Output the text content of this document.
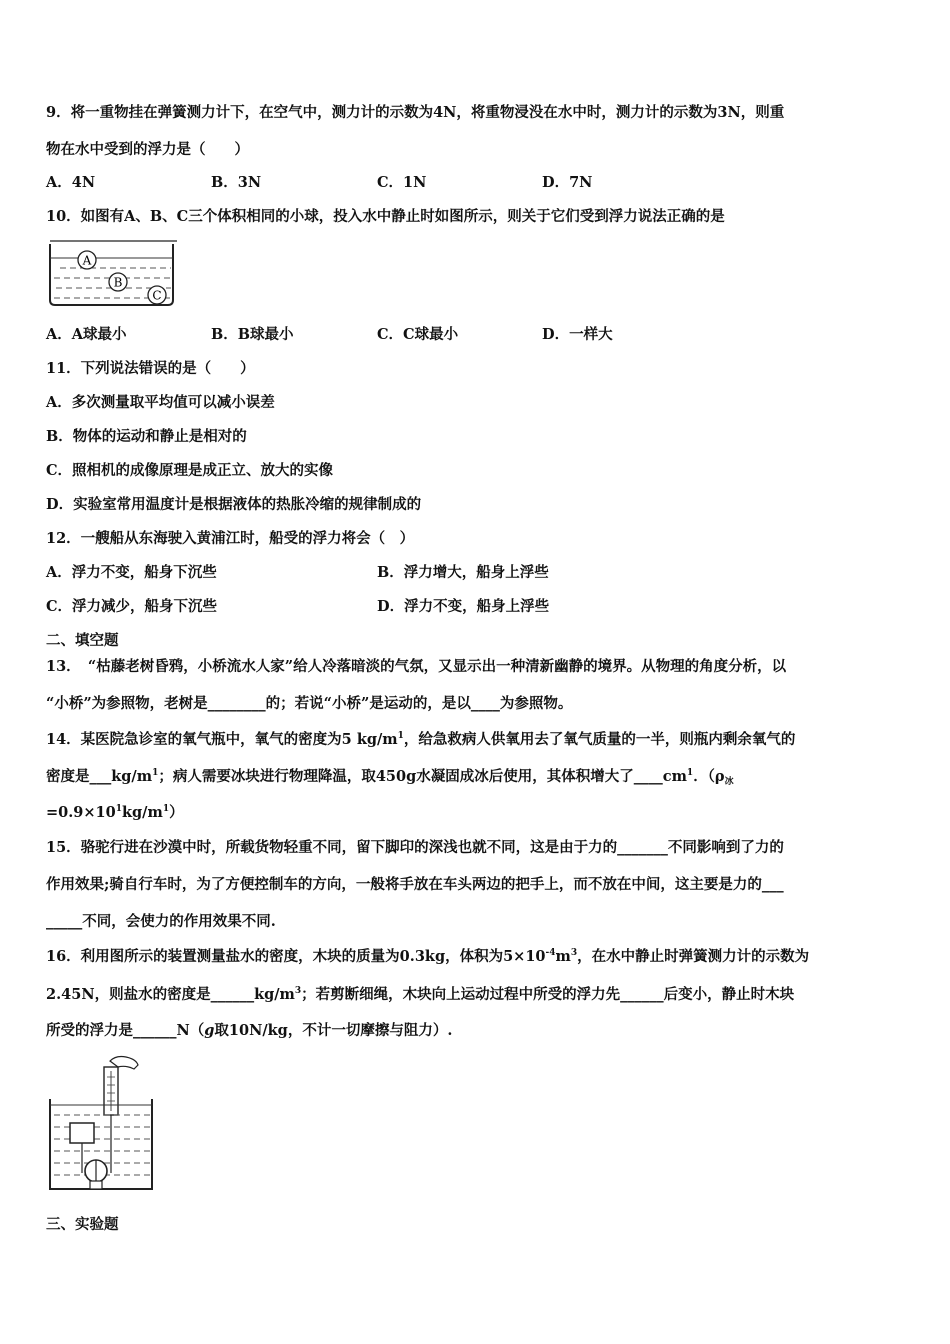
9．将一重物挂在弹簧测力计下，在空气中，测力计的示数为4N，将重物浸没在水中时，测力计的示数为3N，则重
物在水中受到的浮力是（　　）
A．4N	B．3N	C．1N	D．7N
10．如图有A、B、C三个体积相同的小球，投入水中静止时如图所示，则关于它们受到浮力说法正确的是
A
B
C
A．A球最小	B．B球最小	C．C球最小	D．一样大
11．下列说法错误的是（　　）
A．多次测量取平均值可以减小误差
B．物体的运动和静止是相对的
C．照相机的成像原理是成正立、放大的实像
D．实验室常用温度计是根据液体的热胀冷缩的规律制成的
12．一艘船从东海驶入黄浦江时，船受的浮力将会（　）
A．浮力不变，船身下沉些	B．浮力增大，船身上浮些
C．浮力减少，船身下沉些	D．浮力不变，船身上浮些
二、填空题
13．　“枯藤老树昏鸦，小桥流水人家”给人冷落暗淡的气氛，又显示出一种清新幽静的境界。从物理的角度分析，以
“小桥”为参照物，老树是________的；若说“小桥”是运动的，是以____为参照物。
14．某医院急诊室的氧气瓶中，氧气的密度为5 $kg/m^1$，给急救病人供氧用去了氧气质量的一半，则瓶内剩余氧气的
密度是$\_\_\_kg/m^1$；病人需要冰块进行物理降温，取450g水凝固成冰后使用，其体积增大了$\_\_\_\_cm^1$．（$\rho_冰$
$=0.9\times 10^1kg/m^1$）
15．骆驼行进在沙漠中时，所载货物轻重不同，留下脚印的深浅也就不同，这是由于力的_______不同影响到了力的
作用效果;骑自行车时，为了方便控制车的方向，一般将手放在车头两边的把手上，而不放在中间，这主要是力的___
_____不同，会使力的作用效果不同.
16．利用图所示的装置测量盐水的密度，木块的质量为0.3kg，体积为$5\times 10^{-4}m^3$，在水中静止时弹簧测力计的示数为
2.45N，则盐水的密度是$\_\_\_\_\_\_kg/m^3$；若剪断细绳，木块向上运动过程中所受的浮力先______后变小，静止时木块
所受的浮力是______N（g取10N/kg，不计一切摩擦与阻力）.
三、实验题
